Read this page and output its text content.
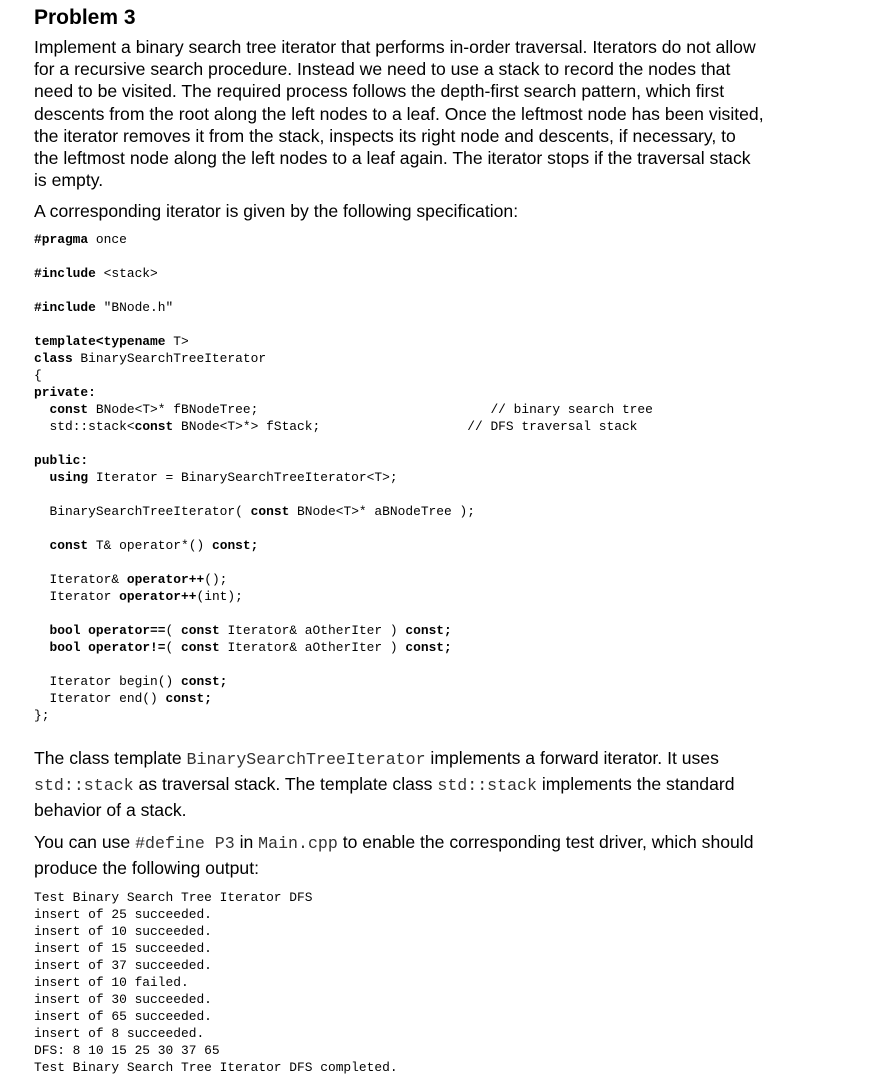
Problem 3

Implement a binary search tree iterator that performs in-order traversal. Iterators do not allow

for a recursive search procedure. Instead we need to use a stack to record the nodes that

need to be visited. The required process follows the depth-first search pattern, which first

descents from the root along the left nodes to a leaf. Once the leftmost node has been visited,

the iterator removes it from the stack, inspects its right node and descents, if necessary, to

the leftmost node along the left nodes to a leaf again. The iterator stops if the traversal stack

is empty.

A corresponding iterator is given by the following specification:
#pragma once

#include <stack>

#include "BNode.h"

template<typename T>
class BinarySearchTreeIterator
{
private:
const BNode<T>* fBNodeTree;	// binary search tree
std::stack<const BNode<T>*> fStack;	// DFS traversal stack

public:
using Iterator = BinarySearchTreeIterator<T>;

BinarySearchTreeIterator( const BNode<T>* aBNodeTree );

const T& operator*() const;

Iterator& operator++();
Iterator operator++(int);

bool operator==( const Iterator& aOtherIter ) const;
bool operator!=( const Iterator& aOtherIter ) const;

Iterator begin() const;
Iterator end() const;
};

The class template BinarySearchTreeIterator implements a forward iterator. It uses

std::stack as traversal stack. The template class std::stack implements the standard

behavior of a stack.

You can use #define P3 in Main.cpp to enable the corresponding test driver, which should

produce the following output:

Test Binary Search Tree Iterator DFS
insert of 25 succeeded.
insert of 10 succeeded.
insert of 15 succeeded.
insert of 37 succeeded.
insert of 10 failed.
insert of 30 succeeded.
insert of 65 succeeded.
insert of 8 succeeded.
DFS: 8 10 15 25 30 37 65
Test Binary Search Tree Iterator DFS completed.
